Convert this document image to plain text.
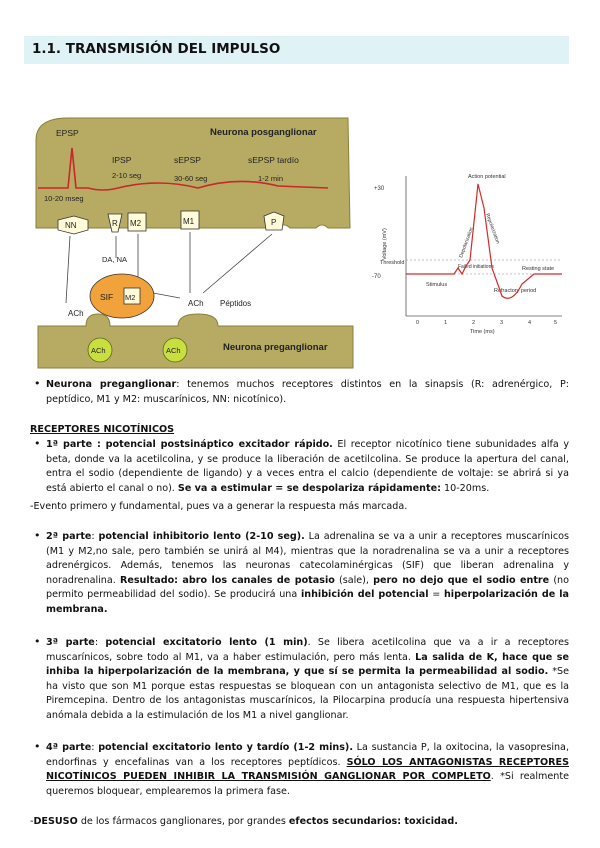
1.1. TRANSMISIÓN DEL IMPULSO
Neurona posganglionar
EPSP
10-20 mseg
IPSP
2-10 seg
sEPSP
30-60 seg
sEPSP tardío
1-2 min
NN	R M2	M1	P
DA, NA
SIF M2
ACh
ACh Péptidos
Neurona preganglionar
ACh	ACh
+30
-70
Voltage (mV)
Threshold
Resting state
Stimulus
Action potential
Depolarization Repolarization
Failed initiations
Refractory period
0	1	2	3	4	5
Time (ms)
• Neurona preganglionar: tenemos muchos receptores distintos en la sinapsis (R: adrenérgico, P: peptídico, M1 y M2: muscarínicos, NN: nicotínico).
RECEPTORES NICOTÍNICOS
• 1ª parte : potencial postsináptico excitador rápido. El receptor nicotínico tiene subunidades alfa y beta, donde va la acetilcolina, y se produce la liberación de acetilcolina. Se produce la apertura del canal, entra el sodio (dependiente de ligando) y a veces entra el calcio (dependiente de voltaje: se abrirá si ya está abierto el canal o no). Se va a estimular = se despolariza rápidamente: 10-20ms.
-Evento primero y fundamental, pues va a generar la respuesta más marcada.
• 2ª parte: potencial inhibitorio lento (2-10 seg). La adrenalina se va a unir a receptores muscarínicos (M1 y M2,no sale, pero también se unirá al M4), mientras que la noradrenalina se va a unir a receptores adrenérgicos. Además, tenemos las neuronas catecolaminérgicas (SIF) que liberan adrenalina y noradrenalina. Resultado: abro los canales de potasio (sale), pero no dejo que el sodio entre (no permito permeabilidad del sodio). Se producirá una inhibición del potencial = hiperpolarización de la membrana.
• 3ª parte: potencial excitatorio lento (1 min). Se libera acetilcolina que va a ir a receptores muscarínicos, sobre todo al M1, va a haber estimulación, pero más lenta. La salida de K, hace que se inhiba la hiperpolarización de la membrana, y que sí se permita la permeabilidad al sodio. *Se ha visto que son M1 porque estas respuestas se bloquean con un antagonista selectivo de M1, que es la Piremcepina. Dentro de los antagonistas muscarínicos, la Pilocarpina producía una respuesta hipertensiva anómala debida a la estimulación de los M1 a nivel ganglionar.
• 4ª parte: potencial excitatorio lento y tardío (1-2 mins). La sustancia P, la oxitocina, la vasopresina, endorfinas y encefalinas van a los receptores peptídicos. SÓLO LOS ANTAGONISTAS RECEPTORES NICOTÍNICOS PUEDEN INHIBIR LA TRANSMISIÓN GANGLIONAR POR COMPLETO. *Si realmente queremos bloquear, emplearemos la primera fase.
-DESUSO de los fármacos ganglionares, por grandes efectos secundarios: toxicidad.
